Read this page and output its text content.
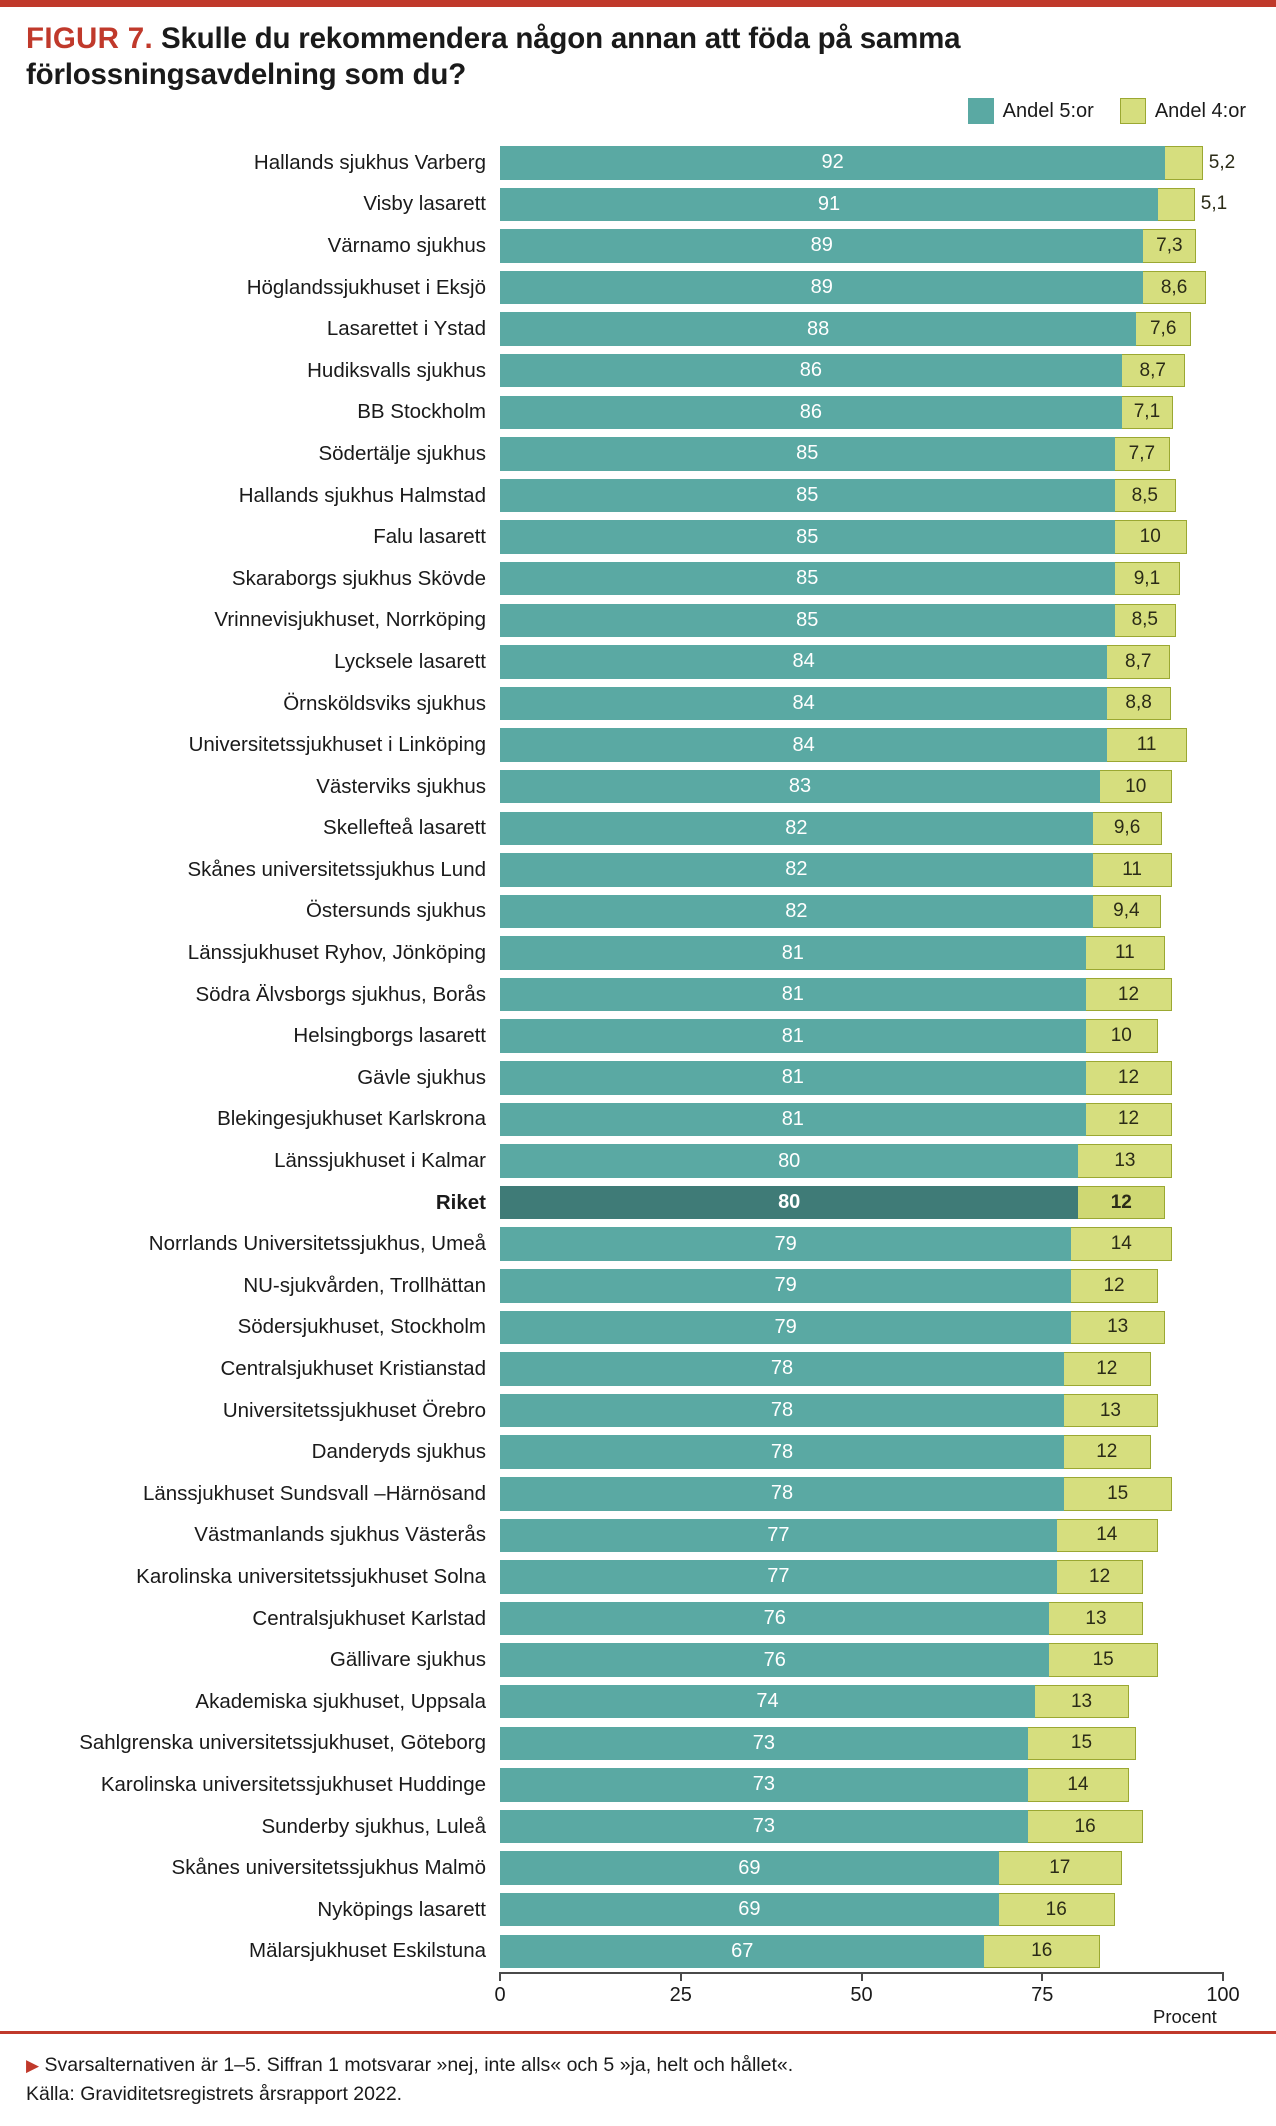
FIGUR 7. Skulle du rekommendera någon annan att föda på samma förlossningsavdelning som du?
Andel 5:or	Andel 4:or
Hallands sjukhus Varberg	92	5,2
Visby lasarett	91	5,1
Värnamo sjukhus	89	7,3
Höglandssjukhuset i Eksjö	89	8,6
Lasarettet i Ystad	88	7,6
Hudiksvalls sjukhus	86	8,7
BB Stockholm	86	7,1
Södertälje sjukhus	85	7,7
Hallands sjukhus Halmstad	85	8,5
Falu lasarett	85	10
Skaraborgs sjukhus Skövde	85	9,1
Vrinnevisjukhuset, Norrköping	85	8,5
Lycksele lasarett	84	8,7
Örnsköldsviks sjukhus	84	8,8
Universitetssjukhuset i Linköping	84	11
Västerviks sjukhus	83	10
Skellefteå lasarett	82	9,6
Skånes universitetssjukhus Lund	82	11
Östersunds sjukhus	82	9,4
Länssjukhuset Ryhov, Jönköping	81	11
Södra Älvsborgs sjukhus, Borås	81	12
Helsingborgs lasarett	81	10
Gävle sjukhus	81	12
Blekingesjukhuset Karlskrona	81	12
Länssjukhuset i Kalmar	80	13
Riket	80	12
Norrlands Universitetssjukhus, Umeå	79	14
NU-sjukvården, Trollhättan	79	12
Södersjukhuset, Stockholm	79	13
Centralsjukhuset Kristianstad	78	12
Universitetssjukhuset Örebro	78	13
Danderyds sjukhus	78	12
Länssjukhuset Sundsvall –Härnösand	78	15
Västmanlands sjukhus Västerås	77	14
Karolinska universitetssjukhuset Solna	77	12
Centralsjukhuset Karlstad	76	13
Gällivare sjukhus	76	15
Akademiska sjukhuset, Uppsala	74	13
Sahlgrenska universitetssjukhuset, Göteborg	73	15
Karolinska universitetssjukhuset Huddinge	73	14
Sunderby sjukhus, Luleå	73	16
Skånes universitetssjukhus Malmö	69	17
Nyköpings lasarett	69	16
Mälarsjukhuset Eskilstuna	67	16
Procent
0	25	50	75	100
▶ Svarsalternativen är 1–5. Siffran 1 motsvarar »nej, inte alls« och 5 »ja, helt och hållet«.
Källa: Graviditetsregistrets årsrapport 2022.
